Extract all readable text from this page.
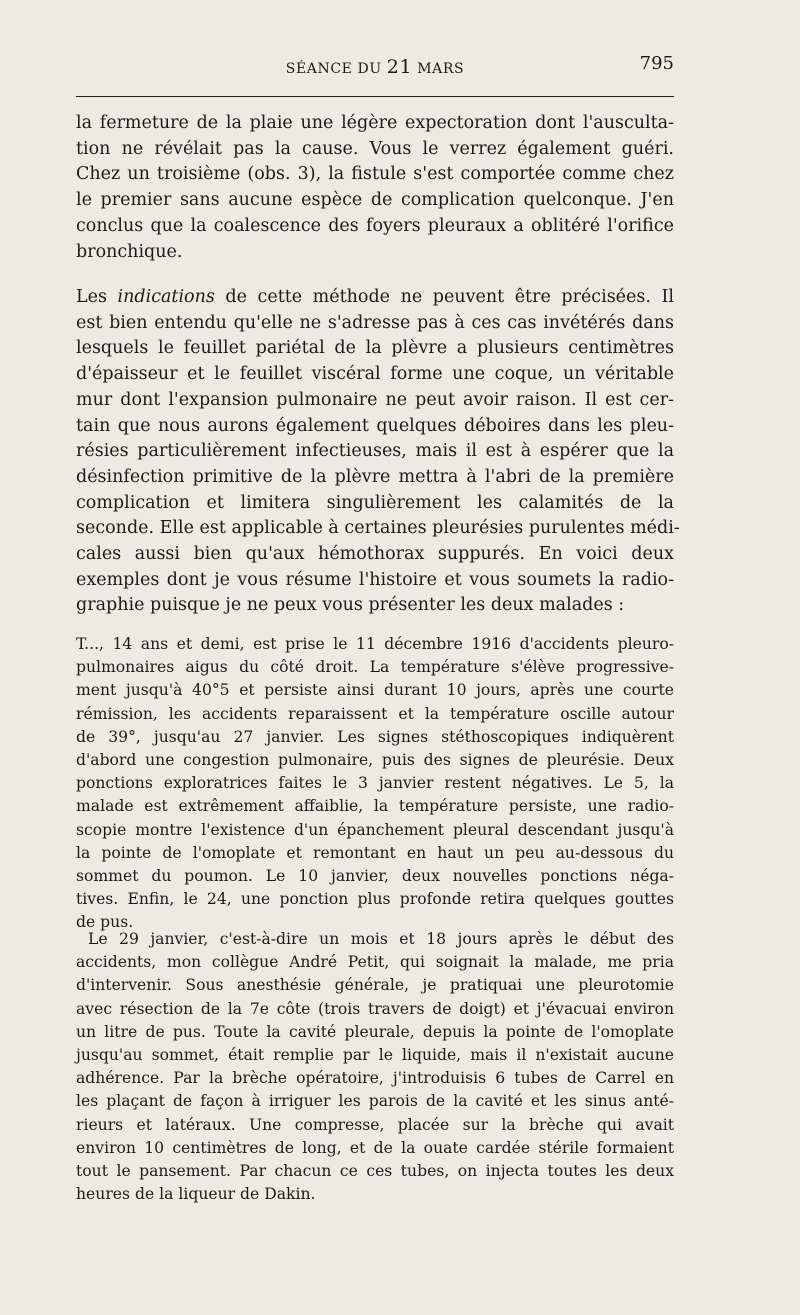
SÉANCE DU 21 MARS	795
la fermeture de la plaie une légère expectoration dont l'ausculta-
tion ne révélait pas la cause. Vous le verrez également guéri.
Chez un troisième (obs. 3), la fistule s'est comportée comme chez
le premier sans aucune espèce de complication quelconque. J'en
conclus que la coalescence des foyers pleuraux a oblitéré l'orifice
bronchique.
Les indications de cette méthode ne peuvent être précisées. Il
est bien entendu qu'elle ne s'adresse pas à ces cas invétérés dans
lesquels le feuillet pariétal de la plèvre a plusieurs centimètres
d'épaisseur et le feuillet viscéral forme une coque, un véritable
mur dont l'expansion pulmonaire ne peut avoir raison. Il est cer-
tain que nous aurons également quelques déboires dans les pleu-
résies particulièrement infectieuses, mais il est à espérer que la
désinfection primitive de la plèvre mettra à l'abri de la première
complication et limitera singulièrement les calamités de la
seconde. Elle est applicable à certaines pleurésies purulentes médi-
cales aussi bien qu'aux hémothorax suppurés. En voici deux
exemples dont je vous résume l'histoire et vous soumets la radio-
graphie puisque je ne peux vous présenter les deux malades :
T..., 14 ans et demi, est prise le 11 décembre 1916 d'accidents pleuro-
pulmonaires aigus du côté droit. La température s'élève progressive-
ment jusqu'à 40°5 et persiste ainsi durant 10 jours, après une courte
rémission, les accidents reparaissent et la température oscille autour
de 39°, jusqu'au 27 janvier. Les signes stéthoscopiques indiquèrent
d'abord une congestion pulmonaire, puis des signes de pleurésie. Deux
ponctions exploratrices faites le 3 janvier restent négatives. Le 5, la
malade est extrêmement affaiblie, la température persiste, une radio-
scopie montre l'existence d'un épanchement pleural descendant jusqu'à
la pointe de l'omoplate et remontant en haut un peu au-dessous du
sommet du poumon. Le 10 janvier, deux nouvelles ponctions néga-
tives. Enfin, le 24, une ponction plus profonde retira quelques gouttes
de pus.
Le 29 janvier, c'est-à-dire un mois et 18 jours après le début des
accidents, mon collègue André Petit, qui soignait la malade, me pria
d'intervenir. Sous anesthésie générale, je pratiquai une pleurotomie
avec résection de la 7e côte (trois travers de doigt) et j'évacuai environ
un litre de pus. Toute la cavité pleurale, depuis la pointe de l'omoplate
jusqu'au sommet, était remplie par le liquide, mais il n'existait aucune
adhérence. Par la brèche opératoire, j'introduisis 6 tubes de Carrel en
les plaçant de façon à irriguer les parois de la cavité et les sinus anté-
rieurs et latéraux. Une compresse, placée sur la brèche qui avait
environ 10 centimètres de long, et de la ouate cardée stérile formaient
tout le pansement. Par chacun ce ces tubes, on injecta toutes les deux
heures de la liqueur de Dakin.
